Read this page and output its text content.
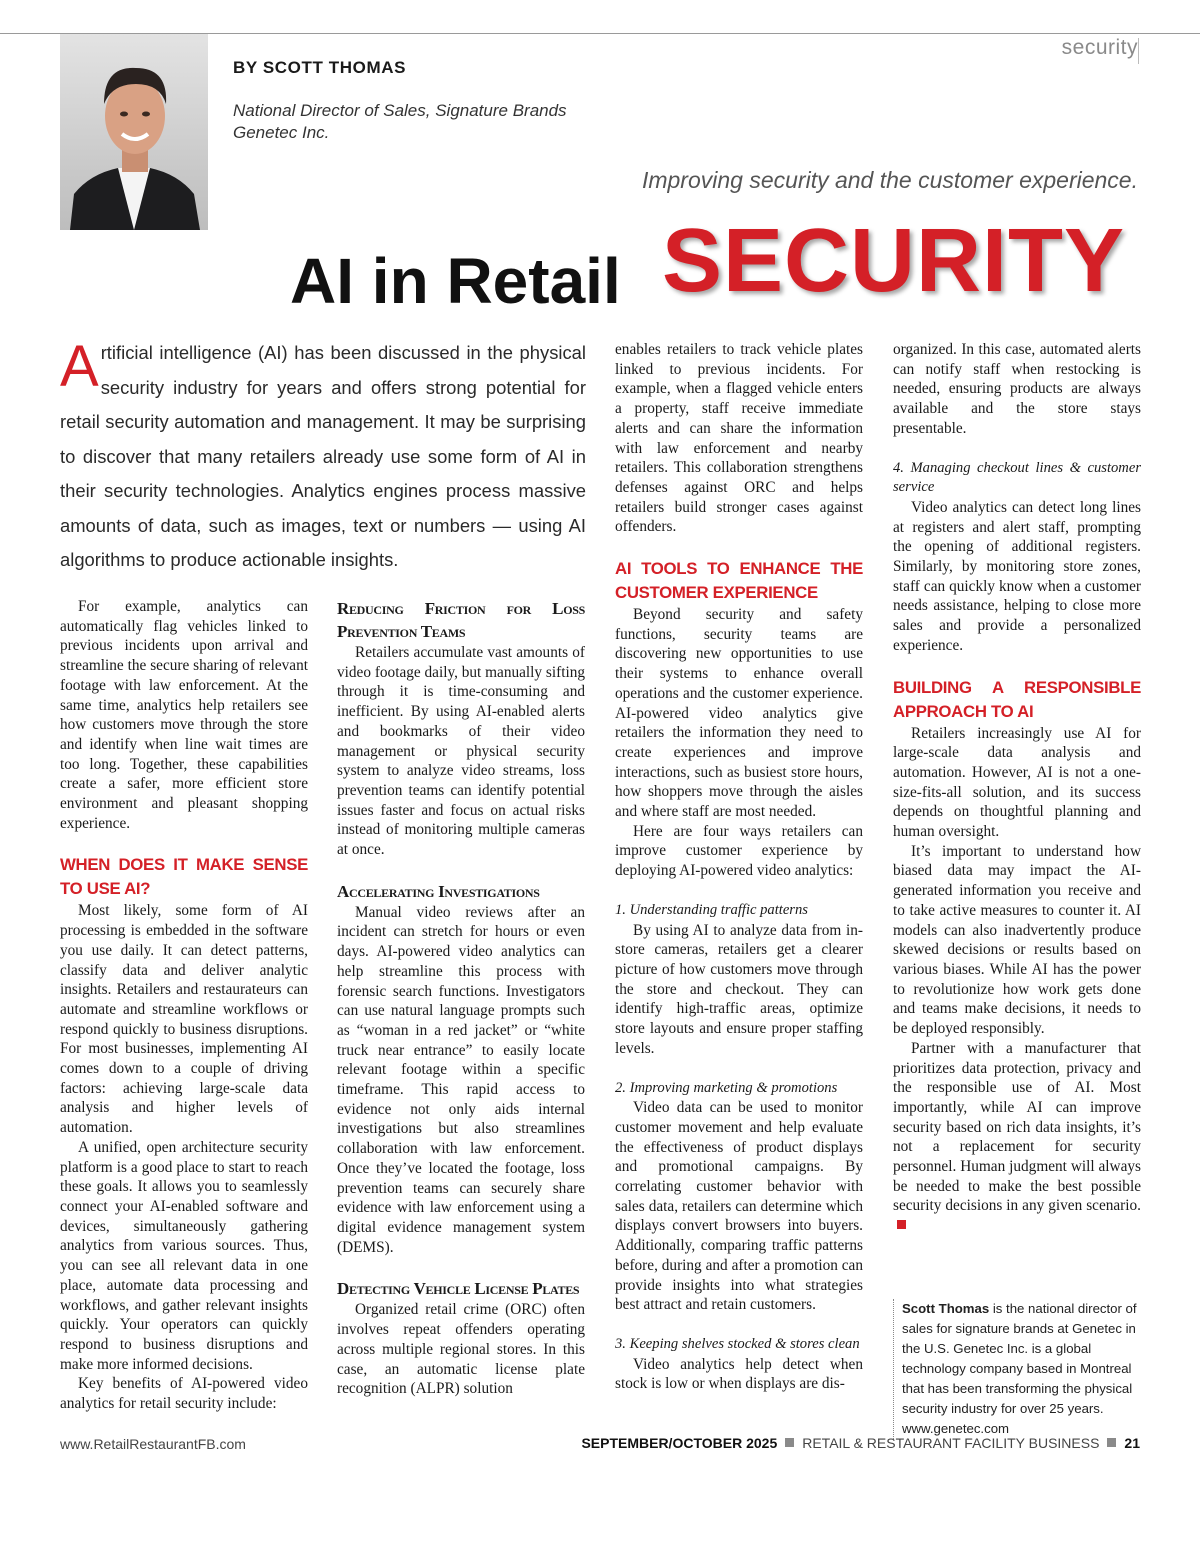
security
BY SCOTT THOMAS
National Director of Sales, Signature Brands
Genetec Inc.
Improving security and the customer experience.
AI in Retail SECURITY
Artificial intelligence (AI) has been discussed in the physical security industry for years and offers strong potential for retail security automation and management. It may be surprising to discover that many retailers already use some form of AI in their security technologies. Analytics engines process massive amounts of data, such as images, text or numbers — using AI algorithms to produce actionable insights.

For example, analytics can automatically flag vehicles linked to previous incidents upon arrival and streamline the secure sharing of relevant footage with law enforcement. At the same time, analytics help retailers see how customers move through the store and identify when line wait times are too long. Together, these capabilities create a safer, more efficient store environment and pleasant shopping experience.

WHEN DOES IT MAKE SENSE TO USE AI?

Most likely, some form of AI processing is embedded in the software you use daily. It can detect patterns, classify data and deliver analytic insights. Retailers and restaurateurs can automate and streamline workflows or respond quickly to business disruptions. For most businesses, implementing AI comes down to a couple of driving factors: achieving large-scale data analysis and higher levels of automation.

A unified, open architecture security platform is a good place to start to reach these goals. It allows you to seamlessly connect your AI-enabled software and devices, simultaneously gathering analytics from various sources. Thus, you can see all relevant data in one place, automate data processing and workflows, and gather relevant insights quickly. Your operators can quickly respond to business disruptions and make more informed decisions.

Key benefits of AI-powered video analytics for retail security include:

Reducing Friction for Loss Prevention Teams

Retailers accumulate vast amounts of video footage daily, but manually sifting through it is time-consuming and inefficient. By using AI-enabled alerts and bookmarks of their video management or physical security system to analyze video streams, loss prevention teams can identify potential issues faster and focus on actual risks instead of monitoring multiple cameras at once.

Accelerating Investigations

Manual video reviews after an incident can stretch for hours or even days. AI-powered video analytics can help streamline this process with forensic search functions. Investigators can use natural language prompts such as “woman in a red jacket” or “white truck near entrance” to easily locate relevant footage within a specific timeframe. This rapid access to evidence not only aids internal investigations but also streamlines collaboration with law enforcement. Once they’ve located the footage, loss prevention teams can securely share evidence with law enforcement using a digital evidence management system (DEMS).

Detecting Vehicle License Plates

Organized retail crime (ORC) often involves repeat offenders operating across multiple regional stores. In this case, an automatic license plate recognition (ALPR) solution

enables retailers to track vehicle plates linked to previous incidents. For example, when a flagged vehicle enters a property, staff receive immediate alerts and can share the information with law enforcement and nearby retailers. This collaboration strengthens defenses against ORC and helps retailers build stronger cases against offenders.

AI TOOLS TO ENHANCE THE CUSTOMER EXPERIENCE

Beyond security and safety functions, security teams are discovering new opportunities to use their systems to enhance overall operations and the customer experience. AI-powered video analytics give retailers the information they need to create experiences and improve interactions, such as busiest store hours, how shoppers move through the aisles and where staff are most needed.

Here are four ways retailers can improve customer experience by deploying AI-powered video analytics:

1. Understanding traffic patterns

By using AI to analyze data from in-store cameras, retailers get a clearer picture of how customers move through the store and checkout. They can identify high-traffic areas, optimize store layouts and ensure proper staffing levels.

2. Improving marketing & promotions

Video data can be used to monitor customer movement and help evaluate the effectiveness of product displays and promotional campaigns. By correlating customer behavior with sales data, retailers can determine which displays convert browsers into buyers. Additionally, comparing traffic patterns before, during and after a promotion can provide insights into what strategies best attract and retain customers.

3. Keeping shelves stocked & stores clean

Video analytics help detect when stock is low or when displays are dis-

organized. In this case, automated alerts can notify staff when restocking is needed, ensuring products are always available and the store stays presentable.

4. Managing checkout lines & customer service

Video analytics can detect long lines at registers and alert staff, prompting the opening of additional registers. Similarly, by monitoring store zones, staff can quickly know when a customer needs assistance, helping to close more sales and provide a personalized experience.

BUILDING A RESPONSIBLE APPROACH TO AI

Retailers increasingly use AI for large-scale data analysis and automation. However, AI is not a one-size-fits-all solution, and its success depends on thoughtful planning and human oversight.

It’s important to understand how biased data may impact the AI-generated information you receive and to take active measures to counter it. AI models can also inadvertently produce skewed decisions or results based on various biases. While AI has the power to revolutionize how work gets done and teams make decisions, it needs to be deployed responsibly.

Partner with a manufacturer that prioritizes data protection, privacy and the responsible use of AI. Most importantly, while AI can improve security based on rich data insights, it’s not a replacement for security personnel. Human judgment will always be needed to make the best possible security decisions in any given scenario.

Scott Thomas is the national director of sales for signature brands at Genetec in the U.S. Genetec Inc. is a global technology company based in Montreal that has been transforming the physical security industry for over 25 years. www.genetec.com
www.RetailRestaurantFB.com	SEPTEMBER/OCTOBER 2025 RETAIL & RESTAURANT FACILITY BUSINESS 21
